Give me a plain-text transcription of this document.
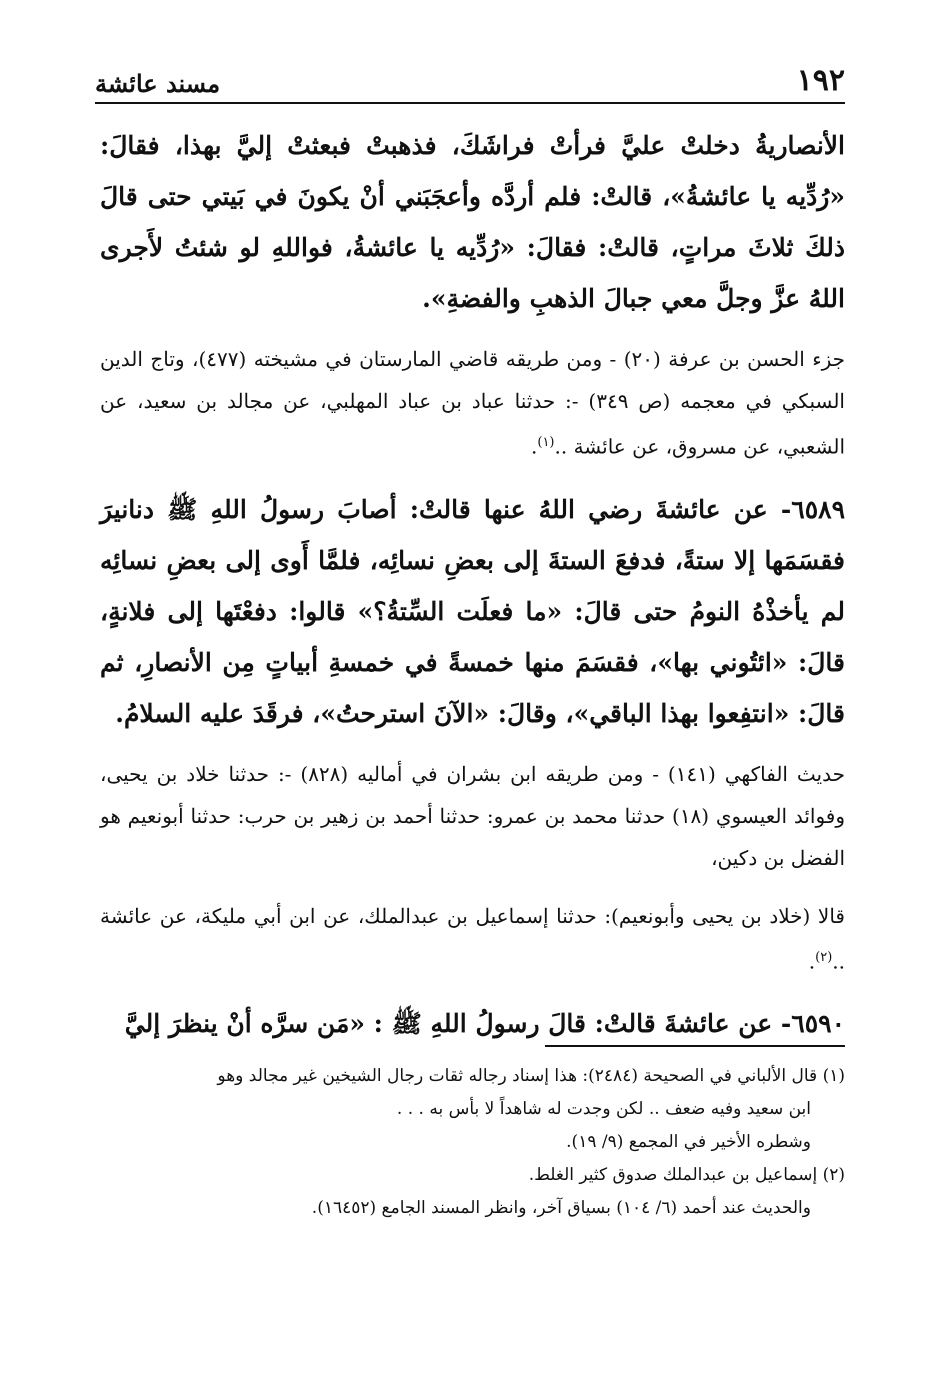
١٩٢
مسند عائشة

الأنصاريةُ دخلتْ عليَّ فرأتْ فراشَكَ، فذهبتْ فبعثتْ إليَّ بهذا، فقالَ: «رُدِّيه يا عائشةُ»، قالتْ: فلم أردَّه وأعجَبَني أنْ يكونَ في بَيتي حتى قالَ ذلكَ ثلاثَ مراتٍ، قالتْ: فقالَ: «رُدِّيه يا عائشةُ، فواللهِ لو شئتُ لأَجرى اللهُ عزَّ وجلَّ معي جبالَ الذهبِ والفضةِ».

جزء الحسن بن عرفة (٢٠) - ومن طريقه قاضي المارستان في مشيخته (٤٧٧)، وتاج الدين السبكي في معجمه (ص ٣٤٩) -: حدثنا عباد بن عباد المهلبي، عن مجالد بن سعيد، عن الشعبي، عن مسروق، عن عائشة ..$^{(١)}$.

٦٥٨٩- عن عائشةَ رضي اللهُ عنها قالتْ: أصابَ رسولُ اللهِ ﷺ دنانيرَ فقسَمَها إلا ستةً، فدفعَ الستةَ إلى بعضِ نسائِه، فلمَّا أَوى إلى بعضِ نسائِه لم يأخذْهُ النومُ حتى قالَ: «ما فعلَت السِّتةُ؟» قالوا: دفعْتَها إلى فلانةٍ، قالَ: «ائتُوني بها»، فقسَمَ منها خمسةً في خمسةِ أبياتٍ مِن الأنصارِ، ثم قالَ: «انتفِعوا بهذا الباقي»، وقالَ: «الآنَ استرحتُ»، فرقَدَ عليه السلامُ.

حديث الفاكهي (١٤١) - ومن طريقه ابن بشران في أماليه (٨٢٨) -: حدثنا خلاد بن يحيى، وفوائد العيسوي (١٨) حدثنا محمد بن عمرو: حدثنا أحمد بن زهير بن حرب: حدثنا أبونعيم هو الفضل بن دكين،

قالا (خلاد بن يحيى وأبونعيم): حدثنا إسماعيل بن عبدالملك، عن ابن أبي مليكة، عن عائشة ..$^{(٢)}$.

٦٥٩٠- عن عائشةَ قالتْ: قالَ رسولُ اللهِ ﷺ : «مَن سرَّه أنْ ينظرَ إليَّ

(١) قال الألباني في الصحيحة (٢٤٨٤): هذا إسناد رجاله ثقات رجال الشيخين غير مجالد وهو

ابن سعيد وفيه ضعف .. لكن وجدت له شاهداً لا بأس به . . .

وشطره الأخير في المجمع (٩/ ١٩).

(٢) إسماعيل بن عبدالملك صدوق كثير الغلط.

والحديث عند أحمد (٦/ ١٠٤) بسياق آخر، وانظر المسند الجامع (١٦٤٥٢).
